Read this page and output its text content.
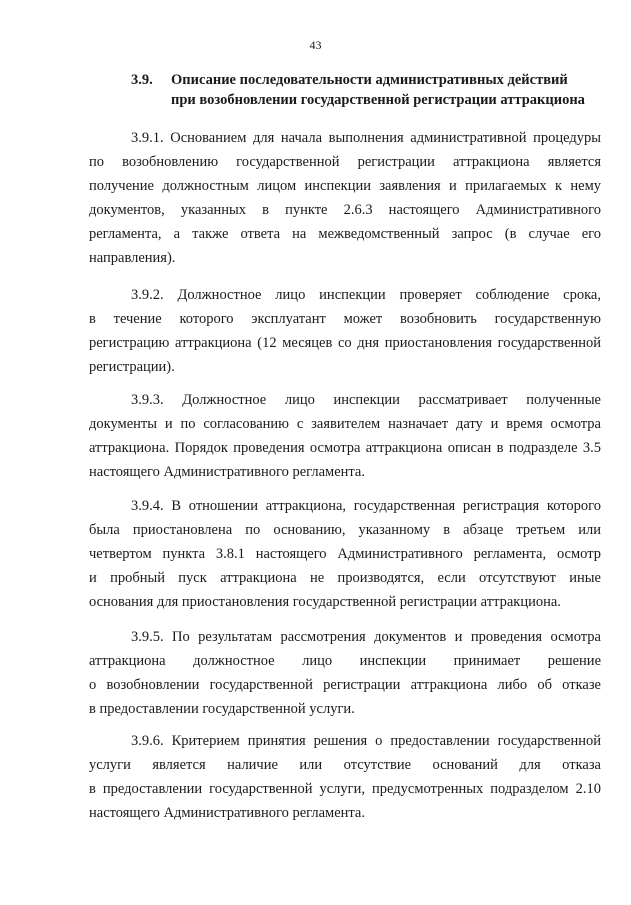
43
3.9. Описание последовательности административных действий
при возобновлении государственной регистрации аттракциона
3.9.1. Основанием для начала выполнения административной процедуры
по возобновлению государственной регистрации аттракциона является
получение должностным лицом инспекции заявления и прилагаемых к нему
документов, указанных в пункте 2.6.3 настоящего Административного
регламента, а также ответа на межведомственный запрос (в случае его
направления).
3.9.2. Должностное лицо инспекции проверяет соблюдение срока,
в течение которого эксплуатант может возобновить государственную
регистрацию аттракциона (12 месяцев со дня приостановления государственной
регистрации).
3.9.3. Должностное лицо инспекции рассматривает полученные
документы и по согласованию с заявителем назначает дату и время осмотра
аттракциона. Порядок проведения осмотра аттракциона описан в подразделе 3.5
настоящего Административного регламента.
3.9.4. В отношении аттракциона, государственная регистрация которого
была приостановлена по основанию, указанному в абзаце третьем или
четвертом пункта 3.8.1 настоящего Административного регламента, осмотр
и пробный пуск аттракциона не производятся, если отсутствуют иные
основания для приостановления государственной регистрации аттракциона.
3.9.5. По результатам рассмотрения документов и проведения осмотра
аттракциона должностное лицо инспекции принимает решение
о возобновлении государственной регистрации аттракциона либо об отказе
в предоставлении государственной услуги.
3.9.6. Критерием принятия решения о предоставлении государственной
услуги является наличие или отсутствие оснований для отказа
в предоставлении государственной услуги, предусмотренных подразделом 2.10
настоящего Административного регламента.
